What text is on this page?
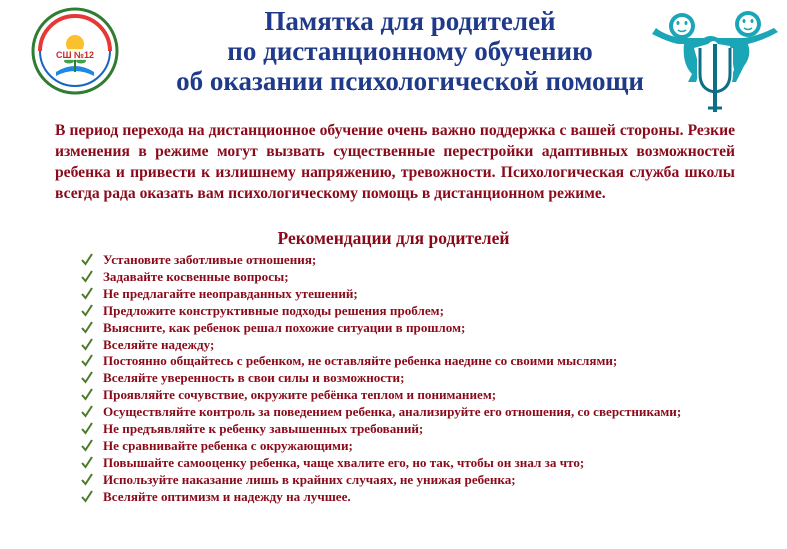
СШ №12
Памятка для родителей
по дистанционному обучению
об оказании психологической помощи
В период перехода на дистанционное обучение очень важно поддержка с вашей стороны. Резкие изменения в режиме могут вызвать существенные перестройки адаптивных возможностей ребенка и привести к излишнему напряжению, тревожности. Психологическая служба школы всегда рада оказать вам психологическому помощь в дистанционном режиме.
Рекомендации для родителей
Установите заботливые отношения;
Задавайте косвенные вопросы;
Не предлагайте неоправданных утешений;
Предложите конструктивные подходы решения проблем;
Выясните, как ребенок решал похожие ситуации в прошлом;
Вселяйте надежду;
Постоянно общайтесь с ребенком, не оставляйте ребенка наедине со своими мыслями;
Вселяйте уверенность в свои силы и возможности;
Проявляйте сочувствие, окружите ребёнка теплом и пониманием;
Осуществляйте контроль за поведением ребенка, анализируйте его отношения, со сверстниками;
Не предъявляйте к ребенку завышенных требований;
Не сравнивайте ребенка с окружающими;
Повышайте самооценку ребенка, чаще хвалите его, но так, чтобы он знал за что;
Используйте наказание лишь в крайних случаях, не унижая ребенка;
Вселяйте оптимизм и надежду на лучшее.
